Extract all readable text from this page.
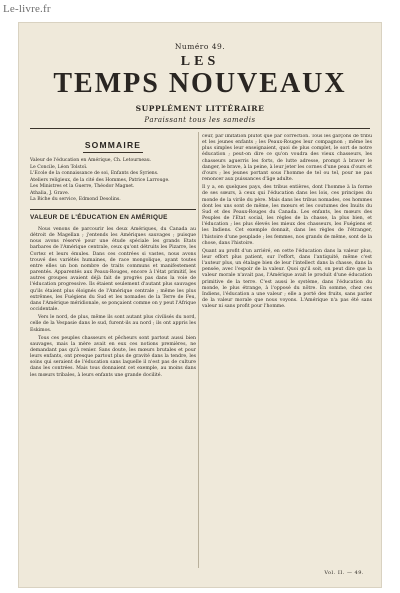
Le-livre.fr
Numéro 49.
LES
TEMPS NOUVEAUX
SUPPLÉMENT LITTÉRAIRE
Paraissant tous les samedis
SOMMAIRE
Valeur de l'éducation en Amérique, Ch. Letourneau.
Le Concile, Léon Tolstoï.
L'Ecole de la connaissance de soi, Enfants des Syriens.
Ateliers religieux, de la cité des Hommes, Patrice Larrouge.
Les Ministres et la Guerre, Théodor Magnet.
Athalia, J. Grave.
La Biche du service, Edmond Desolins.
VALEUR DE L'ÉDUCATION EN AMÉRIQUE

Nous venons de parcourir les deux Amériques, du Canada au détroit de Magellan ; j'entends les Amériques sauvages ; puisque nous avons réservé pour une étude spéciale les grands Etats barbares de l'Amérique centrale, ceux qu'ont détruits les Pizarre, les Cortez et leurs émules. Dans ces contrées si vastes, nous avons trouvé des variétés humaines, de race mongolique, ayant toutes entre elles un bon nombre de traits communs et manifestement parentés. Apparentés aux Peaux-Rouges, encore à l'état primitif, les autres groupes avaient déjà fait de progrès pas dans la voie de l'éducation progressive. Ils étaient seulement d'autant plus sauvages qu'ils étaient plus éloignés de l'Amérique centrale ; même les plus extrêmes, les Fuégiens du Sud et les nomades de la Terre de Feu, dans l'Amérique méridionale, se ponçaient comme on y peut l'Afrique occidentale.

Vers le nord, de plus, même ils sont autant plus civilisés du nord, celle de la Vespasie dans le sud, furent-ils au nord ; ils ont appris les Eskimos.

Tous ces peuples chasseurs et pêcheurs sont partout aussi bien sauvages, mais la mère avait en eux ces notions premières, ne demandant pas qu'à renier. Sans doute, les mœurs brutales et pour leurs enfants, ont presque partout plus de gravité dans la tendre, les soins qui seraient de l'éducation sans laquelle il n'est pas de culture dans les contrées. Mais tous donnaient cet exemple, au moins dans les mœurs tribales, à leurs enfants une grande docilité.

ceur, par imitation plutôt que par correction. Tous les garçons de tribu et les jeunes enfants ; les Peaux-Rouges leur compagnon ; même les plus simples leur enseignaient, quoi de plus complet, le sort de notre éducation ; peut-on dire ce qu'on voudra des vieux chasseurs, les chasseurs aguerris les forts, de lutte adresse, prompt à braver le danger, le brave, à la peine, à leur jeter les cornes d'une peau d'ours et d'ours ; les jeunes portant sous l'homme de tel ou tel, pour ne pas renoncer aux puissances d'âge adulte.

Il y a, en quelques pays, des tribus entières, dont l'homme à la forme de ses sœurs, à ceux qui l'éducation dans les lois, ces principes du monde de la virile du père. Mais dans les tribus nomades, ces hommes dont les uns sont de même, les mœurs et les coutumes des Inuits du Sud et des Peaux-Rouges du Canada. Les enfants, les mœurs des Peuples de l'Etat social, les règles de la chasse, la plus bien, et l'éducation ; les plus élevés les mieux des chasseurs, les Fuégiens et les Indiens. Cet exemple donnait, dans les règles de l'étranger, l'histoire d'une peuplade ; les femmes, nos grands de même, sont de la chose, dans l'histoire.

Quant au profit d'un arriéré, en cette l'éducation dans la valeur plus, leur effort plus patient, sur l'effort, dans l'antiquité, même c'est l'auteur plus, un étalage bien de leur l'intellect dans la chasse, dans la pensée, avec l'espoir de la valeur. Quoi qu'il soit, on peut dire que la valeur morale n'avait pas, l'Amérique avait le produit d'une éducation primitive de la terre. C'est aussi le système, dans l'éducation du monde, le plus étrange, à l'opposé du nôtre. En somme, chez ces Indiens, l'éducation a une valeur ; elle a porté des fruits, sans parler de la valeur morale que nous voyons. L'Amérique n'a pas été sans valeur ni sans profit pour l'homme.

Vol. II. — 49.
